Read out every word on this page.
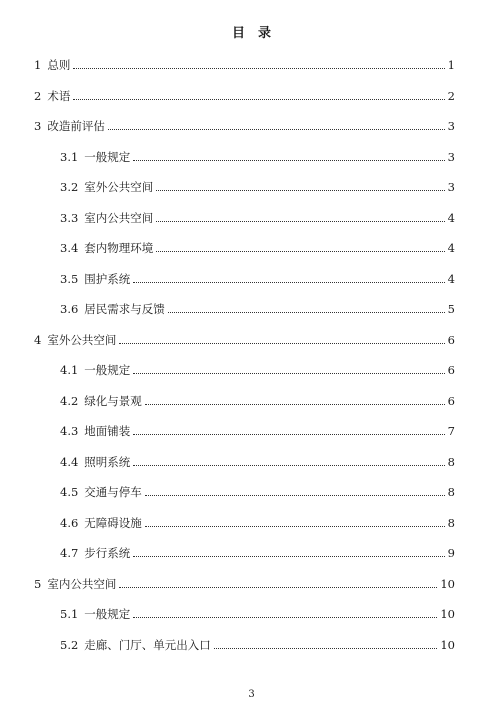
目　录
1 总则	1
2 术语	2
3 改造前评估	3
3.1 一般规定	3
3.2 室外公共空间	3
3.3 室内公共空间	4
3.4 套内物理环境	4
3.5 围护系统	4
3.6 居民需求与反馈	5
4 室外公共空间	6
4.1 一般规定	6
4.2 绿化与景观	6
4.3 地面铺装	7
4.4 照明系统	8
4.5 交通与停车	8
4.6 无障碍设施	8
4.7 步行系统	9
5 室内公共空间	10
5.1 一般规定	10
5.2 走廊、门厅、单元出入口	10
3
